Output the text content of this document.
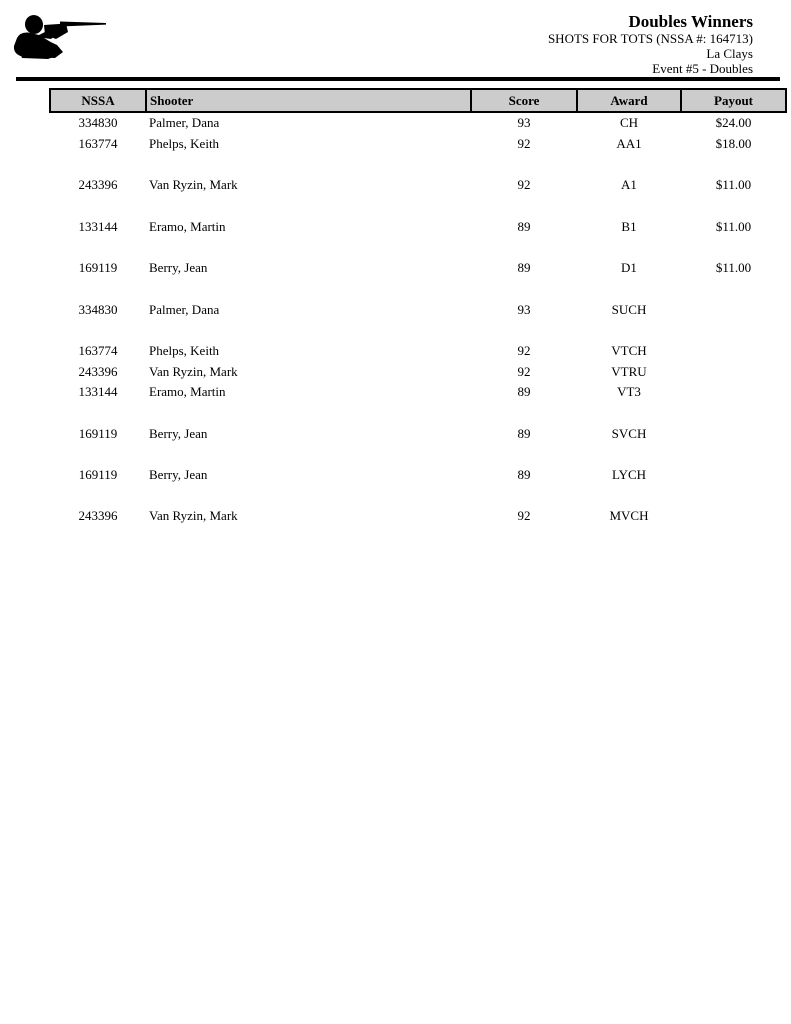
Doubles Winners
SHOTS FOR TOTS (NSSA #: 164713)
La Clays
Event #5 - Doubles
NSSA	Shooter	Score	Award	Payout
334830	Palmer, Dana	93	CH	$24.00
163774	Phelps, Keith	92	AA1	$18.00

243396	Van Ryzin, Mark	92	A1	$11.00

133144	Eramo, Martin	89	B1	$11.00

169119	Berry, Jean	89	D1	$11.00

334830	Palmer, Dana	93	SUCH	

163774	Phelps, Keith	92	VTCH	
243396	Van Ryzin, Mark	92	VTRU	
133144	Eramo, Martin	89	VT3	

169119	Berry, Jean	89	SVCH	

169119	Berry, Jean	89	LYCH	

243396	Van Ryzin, Mark	92	MVCH	
